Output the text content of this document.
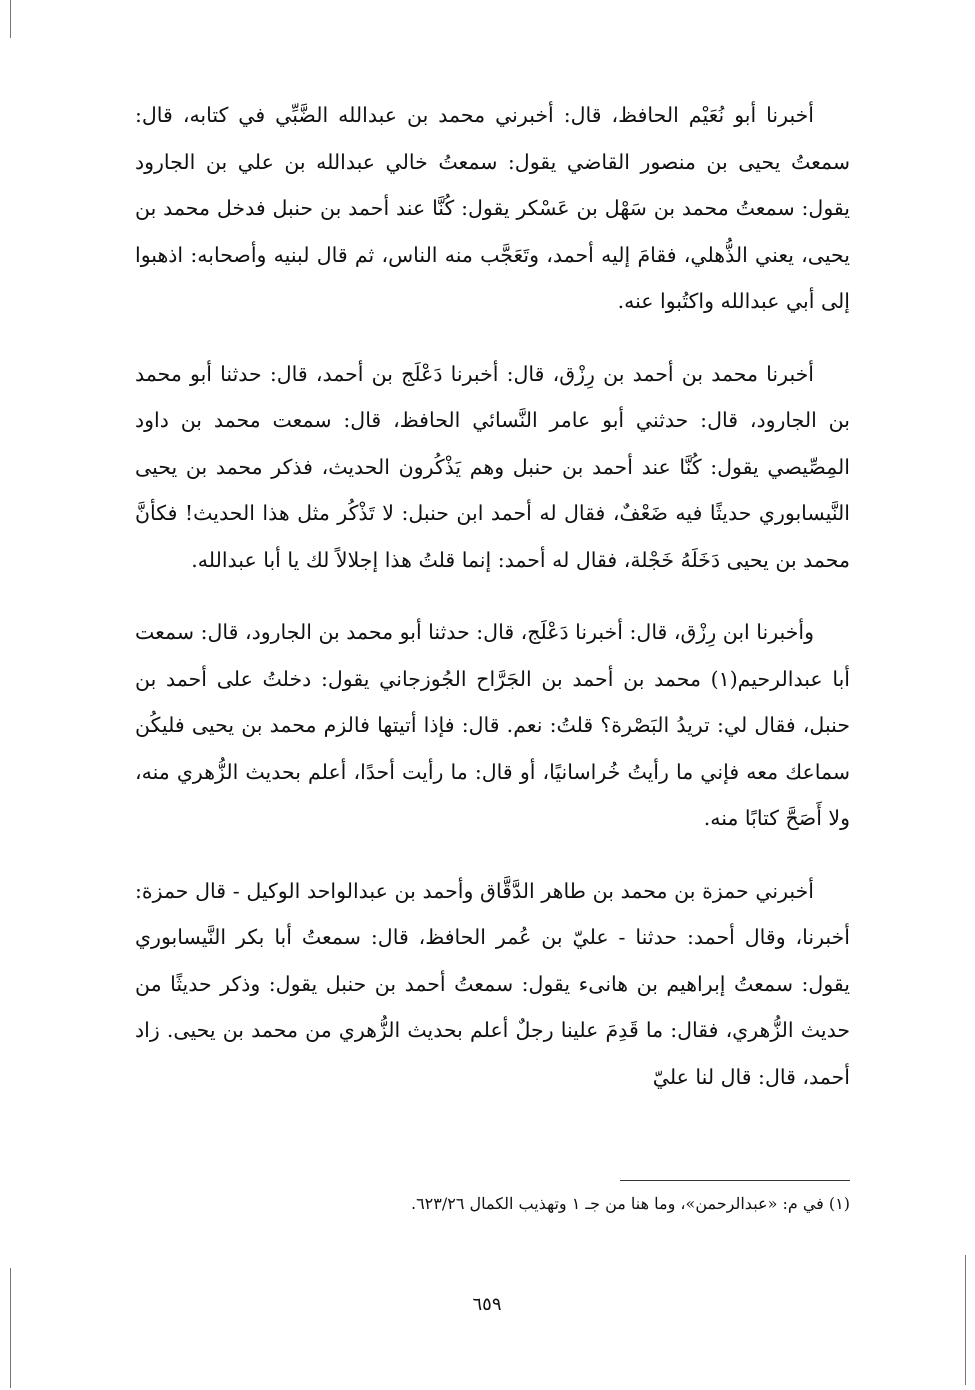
أخبرنا أبو نُعَيْم الحافظ، قال: أخبرني محمد بن عبدالله الضَّبِّي في كتابه، قال: سمعتُ يحيى بن منصور القاضي يقول: سمعتُ خالي عبدالله بن علي بن الجارود يقول: سمعتُ محمد بن سَهْل بن عَسْكر يقول: كُنَّا عند أحمد بن حنبل فدخل محمد بن يحيى، يعني الذُّهلي، فقامَ إليه أحمد، وتَعَجَّب منه الناس، ثم قال لبنيه وأصحابه: اذهبوا إلى أبي عبدالله واكتُبوا عنه.

أخبرنا محمد بن أحمد بن رِزْق، قال: أخبرنا دَعْلَج بن أحمد، قال: حدثنا أبو محمد بن الجارود، قال: حدثني أبو عامر النَّسائي الحافظ، قال: سمعت محمد بن داود المِصِّيصي يقول: كُنَّا عند أحمد بن حنبل وهم يَذْكُرون الحديث، فذكر محمد بن يحيى النَّيسابوري حديثًا فيه ضَعْفٌ، فقال له أحمد ابن حنبل: لا تَذْكُر مثل هذا الحديث! فكأنَّ محمد بن يحيى دَخَلَهُ خَجْلة، فقال له أحمد: إنما قلتُ هذا إجلالاً لك يا أبا عبدالله.

وأخبرنا ابن رِزْق، قال: أخبرنا دَعْلَج، قال: حدثنا أبو محمد بن الجارود، قال: سمعت أبا عبدالرحيم(١) محمد بن أحمد بن الجَرَّاح الجُوزجاني يقول: دخلتُ على أحمد بن حنبل، فقال لي: تريدُ البَصْرة؟ قلتُ: نعم. قال: فإذا أتيتها فالزم محمد بن يحيى فليكُن سماعك معه فإني ما رأيتُ خُراسانيًا، أو قال: ما رأيت أحدًا، أعلم بحديث الزُّهري منه، ولا أَصَحَّ كتابًا منه.

أخبرني حمزة بن محمد بن طاهر الدَّقَّاق وأحمد بن عبدالواحد الوكيل - قال حمزة: أخبرنا، وقال أحمد: حدثنا - عليّ بن عُمر الحافظ، قال: سمعتُ أبا بكر النَّيسابوري يقول: سمعتُ إبراهيم بن هانىء يقول: سمعتُ أحمد بن حنبل يقول: وذكر حديثًا من حديث الزُّهري، فقال: ما قَدِمَ علينا رجلٌ أعلم بحديث الزُّهري من محمد بن يحيى. زاد أحمد، قال: قال لنا عليّ

(١) في م: «عبدالرحمن»، وما هنا من جـ ١ وتهذيب الكمال ٦٢٣/٢٦.
٦٥٩
